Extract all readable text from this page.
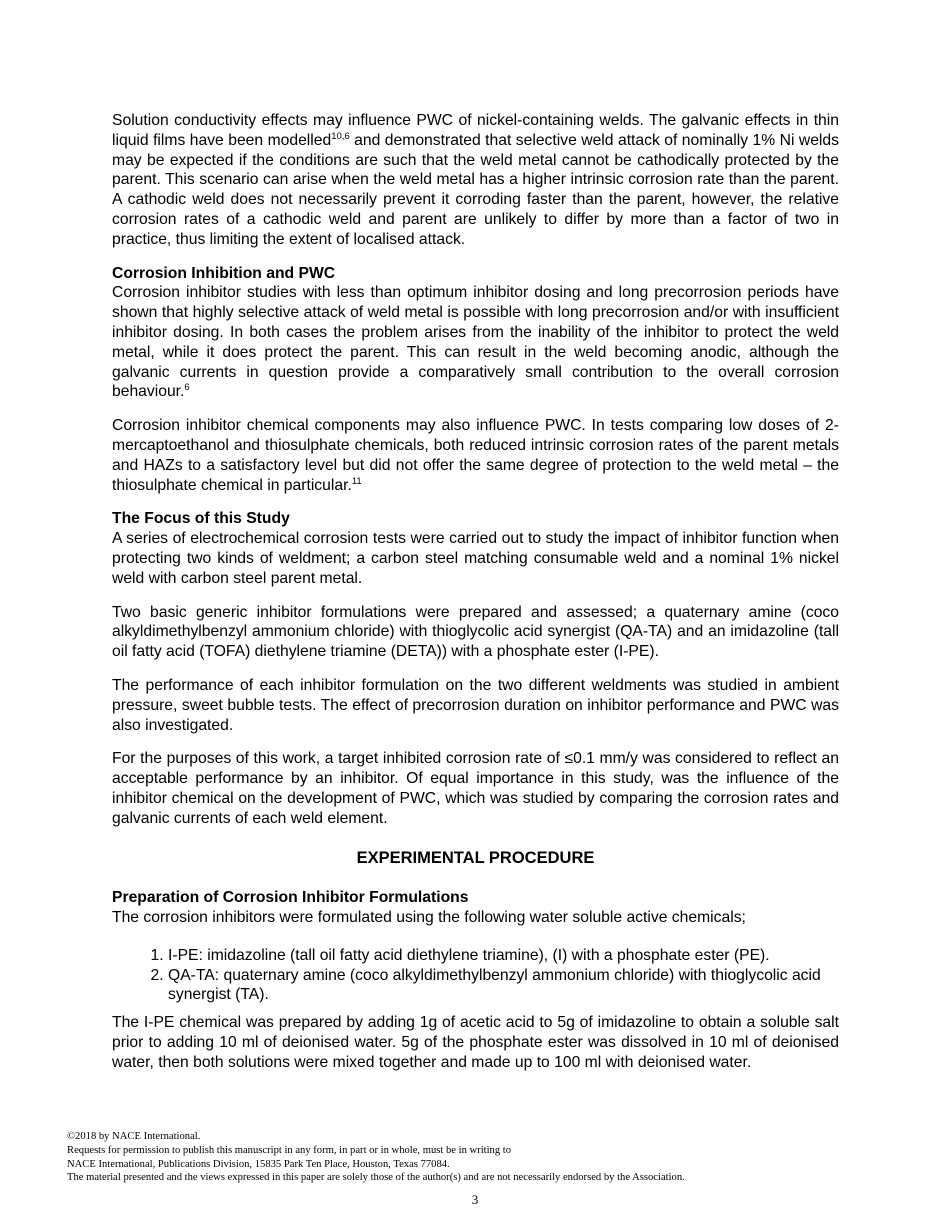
Solution conductivity effects may influence PWC of nickel-containing welds. The galvanic effects in thin liquid films have been modelled$^{10,6}$ and demonstrated that selective weld attack of nominally 1% Ni welds may be expected if the conditions are such that the weld metal cannot be cathodically protected by the parent. This scenario can arise when the weld metal has a higher intrinsic corrosion rate than the parent. A cathodic weld does not necessarily prevent it corroding faster than the parent, however, the relative corrosion rates of a cathodic weld and parent are unlikely to differ by more than a factor of two in practice, thus limiting the extent of localised attack.

Corrosion Inhibition and PWC

Corrosion inhibitor studies with less than optimum inhibitor dosing and long precorrosion periods have shown that highly selective attack of weld metal is possible with long precorrosion and/or with insufficient inhibitor dosing. In both cases the problem arises from the inability of the inhibitor to protect the weld metal, while it does protect the parent. This can result in the weld becoming anodic, although the galvanic currents in question provide a comparatively small contribution to the overall corrosion behaviour.$^6$

Corrosion inhibitor chemical components may also influence PWC. In tests comparing low doses of 2-mercaptoethanol and thiosulphate chemicals, both reduced intrinsic corrosion rates of the parent metals and HAZs to a satisfactory level but did not offer the same degree of protection to the weld metal – the thiosulphate chemical in particular.$^{11}$

The Focus of this Study

A series of electrochemical corrosion tests were carried out to study the impact of inhibitor function when protecting two kinds of weldment; a carbon steel matching consumable weld and a nominal 1% nickel weld with carbon steel parent metal.

Two basic generic inhibitor formulations were prepared and assessed; a quaternary amine (coco alkyldimethylbenzyl ammonium chloride) with thioglycolic acid synergist (QA-TA) and an imidazoline (tall oil fatty acid (TOFA) diethylene triamine (DETA)) with a phosphate ester (I-PE).

The performance of each inhibitor formulation on the two different weldments was studied in ambient pressure, sweet bubble tests. The effect of precorrosion duration on inhibitor performance and PWC was also investigated.

For the purposes of this work, a target inhibited corrosion rate of ≤0.1 mm/y was considered to reflect an acceptable performance by an inhibitor. Of equal importance in this study, was the influence of the inhibitor chemical on the development of PWC, which was studied by comparing the corrosion rates and galvanic currents of each weld element.

EXPERIMENTAL PROCEDURE
Preparation of Corrosion Inhibitor Formulations

The corrosion inhibitors were formulated using the following water soluble active chemicals;

1. I-PE: imidazoline (tall oil fatty acid diethylene triamine), (I) with a phosphate ester (PE).
2. QA-TA: quaternary amine (coco alkyldimethylbenzyl ammonium chloride) with thioglycolic acid synergist (TA).

The I-PE chemical was prepared by adding 1g of acetic acid to 5g of imidazoline to obtain a soluble salt prior to adding 10 ml of deionised water. 5g of the phosphate ester was dissolved in 10 ml of deionised water, then both solutions were mixed together and made up to 100 ml with deionised water.

©2018 by NACE International.
Requests for permission to publish this manuscript in any form, in part or in whole, must be in writing to
NACE International, Publications Division, 15835 Park Ten Place, Houston, Texas 77084.
The material presented and the views expressed in this paper are solely those of the author(s) and are not necessarily endorsed by the Association.
3
